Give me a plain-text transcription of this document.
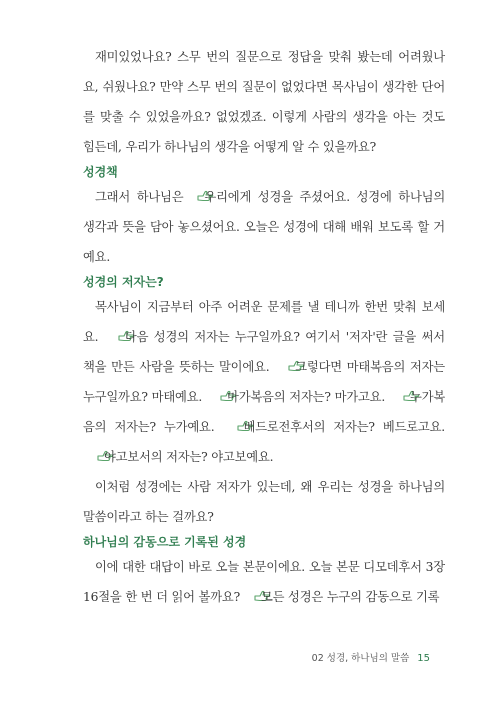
재미있었나요? 스무 번의 질문으로 정답을 맞춰 봤는데 어려웠나요, 쉬웠나요? 만약 스무 번의 질문이 없었다면 목사님이 생각한 단어를 맞출 수 있었을까요? 없었겠죠. 이렇게 사람의 생각을 아는 것도 힘든데, 우리가 하나님의 생각을 어떻게 알 수 있을까요?

성경책

그래서 하나님은 우리에게 성경을 주셨어요. 성경에 하나님의 생각과 뜻을 담아 놓으셨어요. 오늘은 성경에 대해 배워 보도록 할 거예요.

성경의 저자는?

목사님이 지금부터 아주 어려운 문제를 낼 테니까 한번 맞춰 보세요. 다음 성경의 저자는 누구일까요? 여기서 '저자'란 글을 써서 책을 만든 사람을 뜻하는 말이에요. 그렇다면 마태복음의 저자는 누구일까요? 마태예요. 마가복음의 저자는? 마가고요. 누가복음의 저자는? 누가예요. 베드로전후서의 저자는? 베드로고요. 야고보서의 저자는? 야고보예요.

이처럼 성경에는 사람 저자가 있는데, 왜 우리는 성경을 하나님의 말씀이라고 하는 걸까요?

하나님의 감동으로 기록된 성경

이에 대한 대답이 바로 오늘 본문이에요. 오늘 본문 디모데후서 3장 16절을 한 번 더 읽어 볼까요? 모든 성경은 누구의 감동으로 기록

02 성경, 하나님의 말씀 15
